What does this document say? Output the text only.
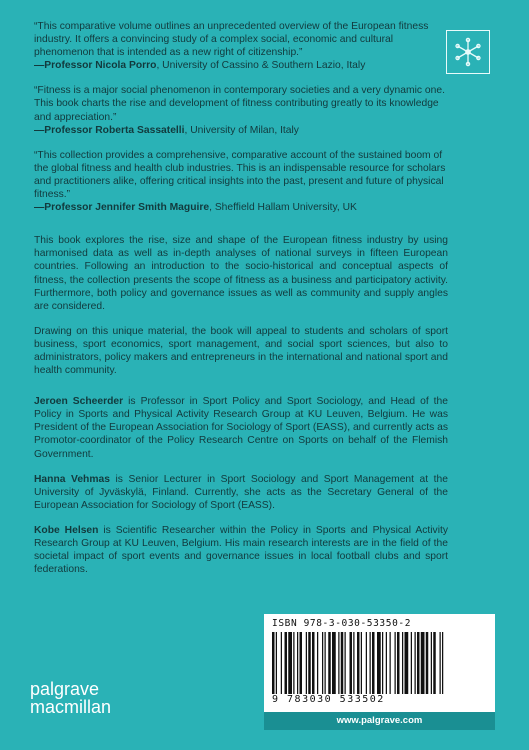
“This comparative volume outlines an unprecedented overview of the European fitness industry. It offers a convincing study of a complex social, economic and cultural phenomenon that is intended as a new right of citizenship.”
—Professor Nicola Porro, University of Cassino & Southern Lazio, Italy
“Fitness is a major social phenomenon in contemporary societies and a very dynamic one. This book charts the rise and development of fitness contributing greatly to its knowledge and appreciation.”
—Professor Roberta Sassatelli, University of Milan, Italy
“This collection provides a comprehensive, comparative account of the sustained boom of the global fitness and health club industries. This is an indispensable resource for scholars and practitioners alike, offering critical insights into the past, present and future of physical fitness.”
—Professor Jennifer Smith Maguire, Sheffield Hallam University, UK

This book explores the rise, size and shape of the European fitness industry by using harmonised data as well as in-depth analyses of national surveys in fifteen European countries. Following an introduction to the socio-historical and conceptual aspects of fitness, the collection presents the scope of fitness as a business and participatory activity. Furthermore, both policy and governance issues as well as community and supply angles are considered.

Drawing on this unique material, the book will appeal to students and scholars of sport business, sport economics, sport management, and social sport sciences, but also to administrators, policy makers and entrepreneurs in the international and national sport and health community.

Jeroen Scheerder is Professor in Sport Policy and Sport Sociology, and Head of the Policy in Sports and Physical Activity Research Group at KU Leuven, Belgium. He was President of the European Association for Sociology of Sport (EASS), and currently acts as Promotor-coordinator of the Policy Research Centre on Sports on behalf of the Flemish Government.

Hanna Vehmas is Senior Lecturer in Sport Sociology and Sport Management at the University of Jyväskylä, Finland. Currently, she acts as the Secretary General of the European Association for Sociology of Sport (EASS).

Kobe Helsen is Scientific Researcher within the Policy in Sports and Physical Activity Research Group at KU Leuven, Belgium. His main research interests are in the field of the societal impact of sport events and governance issues in local football clubs and sport federations.

palgrave
macmillan
ISBN 978-3-030-53350-2
9 783030 533502
www.palgrave.com
